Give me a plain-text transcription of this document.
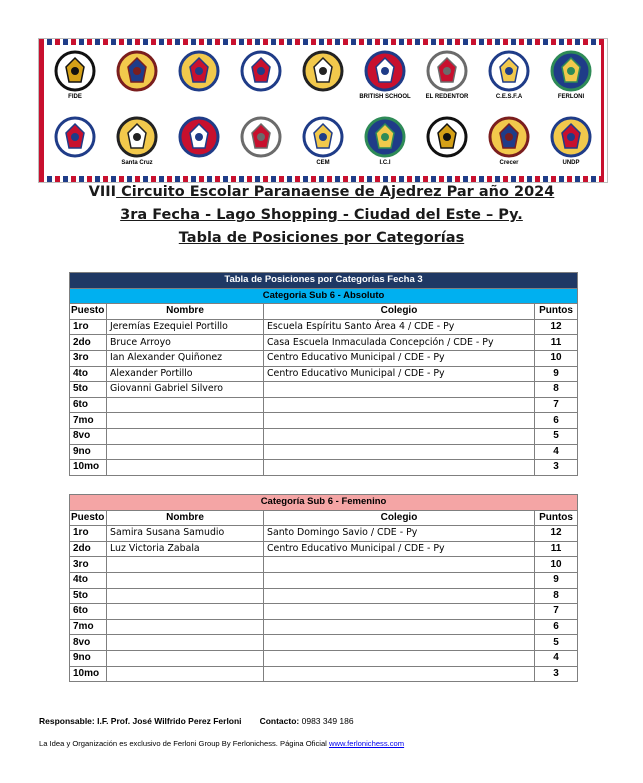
FIDE	BRITISH SCHOOL EL REDENTOR	C.E.S.F.A	FERLONI
Santa Cruz	CEM	I.C.I	Crecer	UNDP
VIII Circuito Escolar Paranaense de Ajedrez Par año 2024
3ra Fecha - Lago Shopping - Ciudad del Este – Py.
Tabla de Posiciones por Categorías
Tabla de Posiciones por Categorías Fecha 3			
Categoria Sub 6 - Absoluto			
Puesto	Nombre	Colegio	Puntos
1ro	Jeremías Ezequiel Portillo	Escuela Espíritu Santo Área 4 / CDE - Py	12
2do	Bruce Arroyo	Casa Escuela Inmaculada Concepción / CDE - Py	11
3ro	Ian Alexander Quiñonez	Centro Educativo Municipal / CDE - Py	10
4to	Alexander Portillo	Centro Educativo Municipal / CDE - Py	9
5to	Giovanni Gabriel Silvero		8
6to			7
7mo			6
8vo			5
9no			4
10mo			3
Categoría Sub 6 - Femenino			
Puesto	Nombre	Colegio	Puntos
1ro	Samira Susana Samudio	Santo Domingo Savio / CDE - Py	12
2do	Luz Victoria Zabala	Centro Educativo Municipal / CDE - Py	11
3ro			10
4to			9
5to			8
6to			7
7mo			6
8vo			5
9no			4
10mo			3
Responsable: I.F. Prof. José Wilfrido Perez Ferloni Contacto: 0983 349 186
La Idea y Organización es exclusivo de Ferloni Group By Ferlonichess. Página Oficial www.ferlonichess.com
